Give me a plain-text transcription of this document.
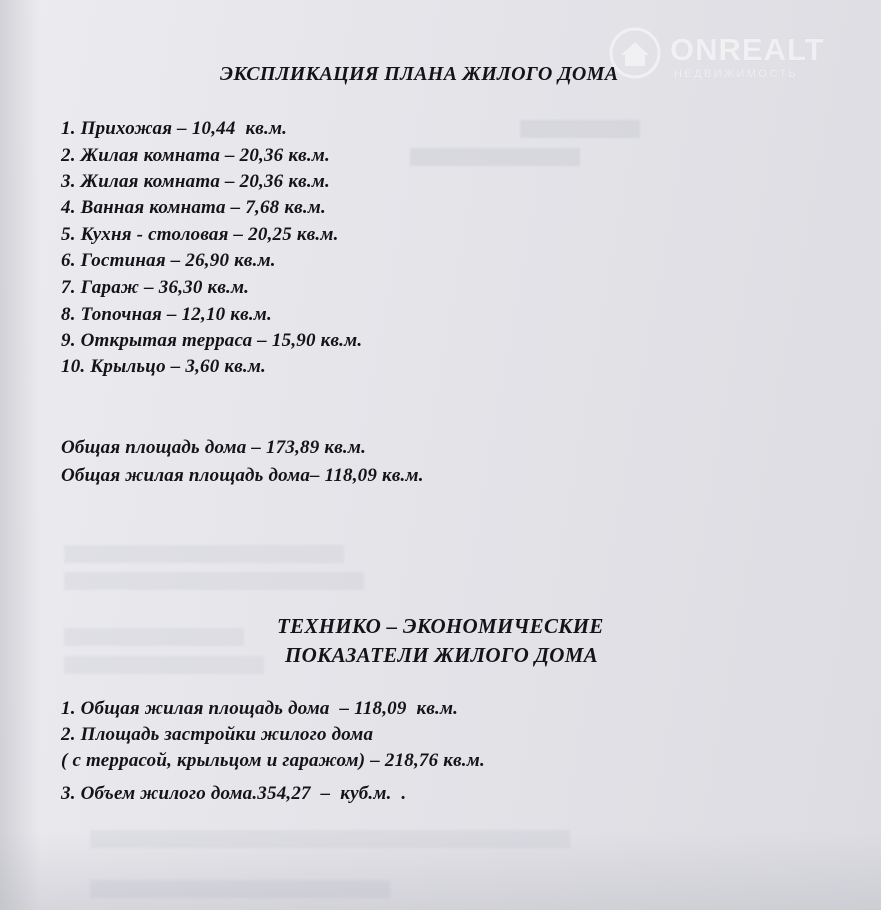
ONREALT
НЕДВИЖИМОСТЬ
ЭКСПЛИКАЦИЯ ПЛАНА ЖИЛОГО ДОМА
1. Прихожая – 10,44  кв.м.
2. Жилая комната – 20,36 кв.м.
3. Жилая комната – 20,36 кв.м.
4. Ванная комната – 7,68 кв.м.
5. Кухня - столовая – 20,25 кв.м.
6. Гостиная – 26,90 кв.м.
7. Гараж – 36,30 кв.м.
8. Топочная – 12,10 кв.м.
9. Открытая терраса – 15,90 кв.м.
10. Крыльцо – 3,60 кв.м.
Общая площадь дома – 173,89 кв.м.
Общая жилая площадь дома– 118,09 кв.м.
ТЕХНИКО – ЭКОНОМИЧЕСКИЕ
ПОКАЗАТЕЛИ ЖИЛОГО ДОМА
1. Общая жилая площадь дома  – 118,09  кв.м.
2. Площадь застройки жилого дома
( с террасой, крыльцом и гаражом) – 218,76 кв.м.
3. Объем жилого дома.354,27  –  куб.м.  .
